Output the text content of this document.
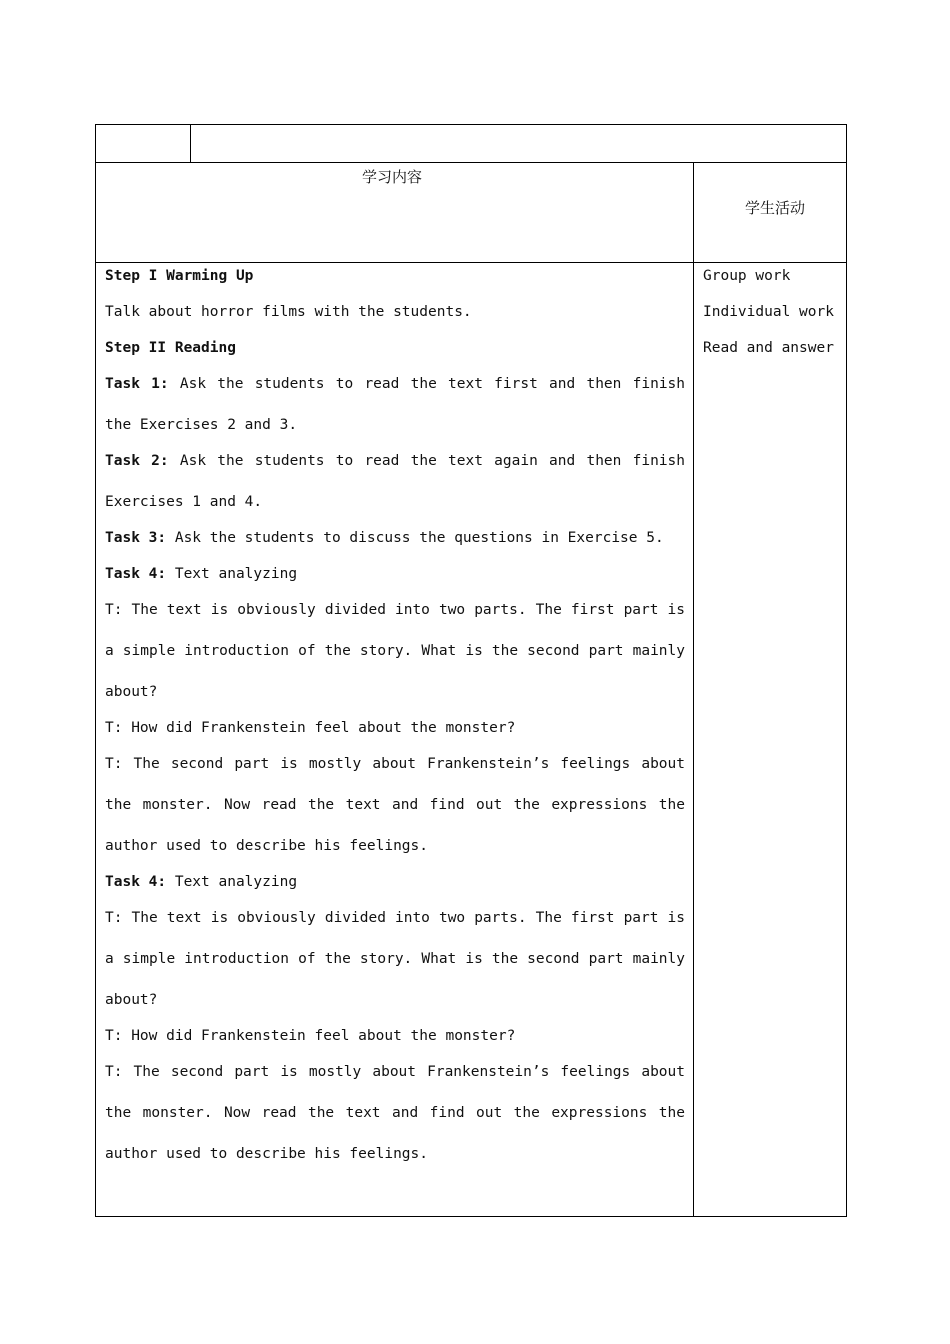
学习内容
学生活动

Step I Warming Up

Talk about horror films with the students.

Step II Reading

Task 1: Ask the students to read the text first and then finish the Exercises 2 and 3.

Task 2: Ask the students to read the text again and then finish Exercises 1 and 4.

Task 3: Ask the students to discuss the questions in Exercise 5.

Task 4: Text analyzing

T: The text is obviously divided into two parts. The first part is a simple introduction of the story. What is the second part mainly about?

T: How did Frankenstein feel about the monster?

T: The second part is mostly about Frankenstein’s feelings about the monster. Now read the text and find out the expressions the author used to describe his feelings.

Task 4: Text analyzing

T: The text is obviously divided into two parts. The first part is a simple introduction of the story. What is the second part mainly about?

T: How did Frankenstein feel about the monster?

T: The second part is mostly about Frankenstein’s feelings about the monster. Now read the text and find out the expressions the author used to describe his feelings.

Group work
Individual work
Read and answer
